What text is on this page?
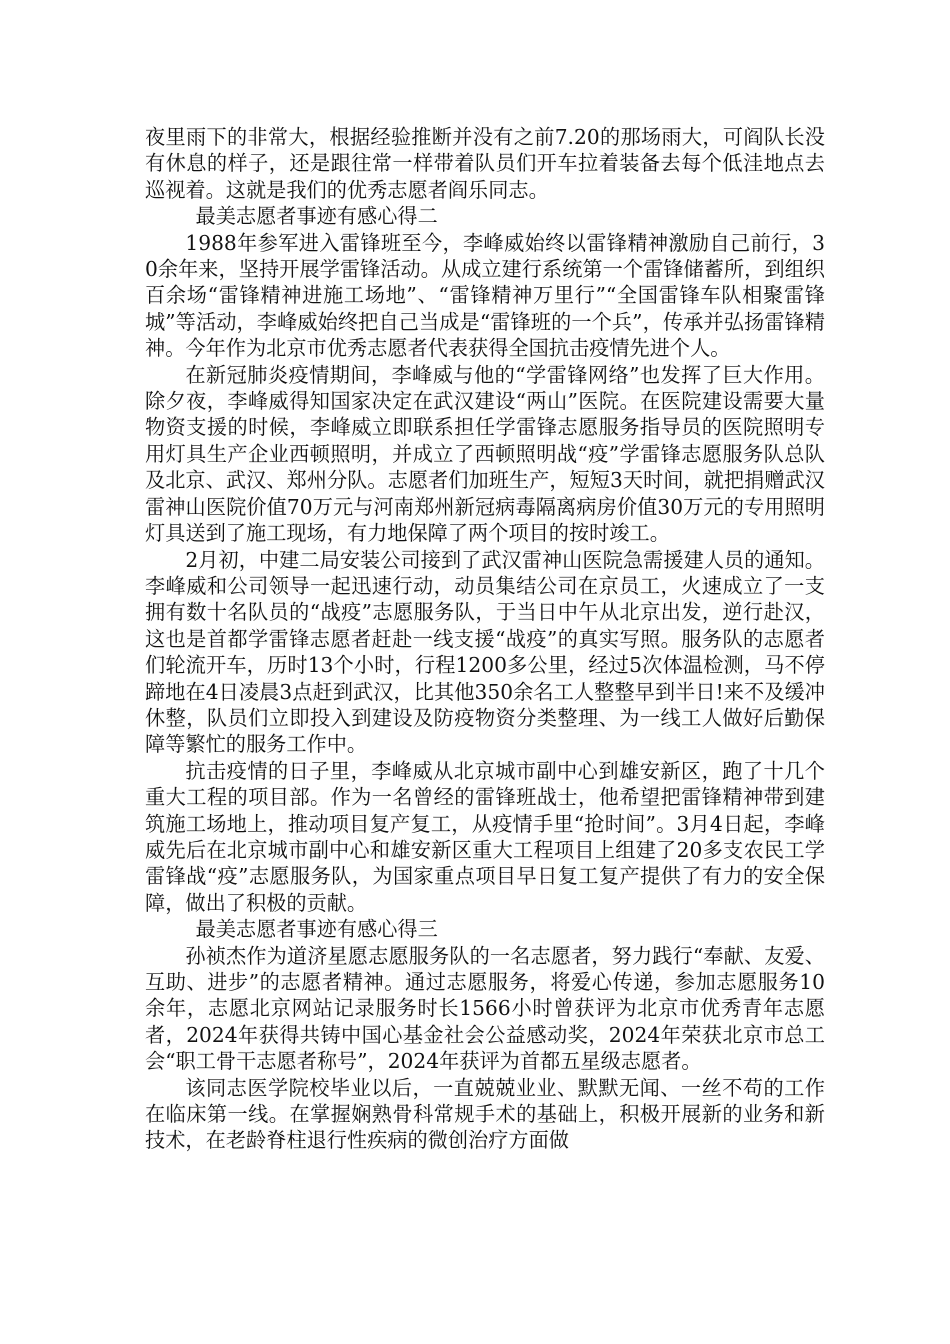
夜里雨下的非常大，根据经验推断并没有之前7.20的那场雨大，可阎队长没有休息的样子，还是跟往常一样带着队员们开车拉着装备去每个低洼地点去巡视着。这就是我们的优秀志愿者阎乐同志。

最美志愿者事迹有感心得二

1988年参军进入雷锋班至今，李峰威始终以雷锋精神激励自己前行，30余年来，坚持开展学雷锋活动。从成立建行系统第一个雷锋储蓄所，到组织百余场“雷锋精神进施工场地”、“雷锋精神万里行”“全国雷锋车队相聚雷锋城”等活动，李峰威始终把自己当成是“雷锋班的一个兵”，传承并弘扬雷锋精神。今年作为北京市优秀志愿者代表获得全国抗击疫情先进个人。

在新冠肺炎疫情期间，李峰威与他的“学雷锋网络”也发挥了巨大作用。除夕夜，李峰威得知国家决定在武汉建设“两山”医院。在医院建设需要大量物资支援的时候，李峰威立即联系担任学雷锋志愿服务指导员的医院照明专用灯具生产企业西顿照明，并成立了西顿照明战“疫”学雷锋志愿服务队总队及北京、武汉、郑州分队。志愿者们加班生产，短短3天时间，就把捐赠武汉雷神山医院价值70万元与河南郑州新冠病毒隔离病房价值30万元的专用照明灯具送到了施工现场，有力地保障了两个项目的按时竣工。

2月初，中建二局安装公司接到了武汉雷神山医院急需援建人员的通知。李峰威和公司领导一起迅速行动，动员集结公司在京员工，火速成立了一支拥有数十名队员的“战疫”志愿服务队，于当日中午从北京出发，逆行赴汉，这也是首都学雷锋志愿者赶赴一线支援“战疫”的真实写照。服务队的志愿者们轮流开车，历时13个小时，行程1200多公里，经过5次体温检测，马不停蹄地在4日凌晨3点赶到武汉，比其他350余名工人整整早到半日!来不及缓冲休整，队员们立即投入到建设及防疫物资分类整理、为一线工人做好后勤保障等繁忙的服务工作中。

抗击疫情的日子里，李峰威从北京城市副中心到雄安新区，跑了十几个重大工程的项目部。作为一名曾经的雷锋班战士，他希望把雷锋精神带到建筑施工场地上，推动项目复产复工，从疫情手里“抢时间”。3月4日起，李峰威先后在北京城市副中心和雄安新区重大工程项目上组建了20多支农民工学雷锋战“疫”志愿服务队，为国家重点项目早日复工复产提供了有力的安全保障，做出了积极的贡献。

最美志愿者事迹有感心得三

孙祯杰作为道济星愿志愿服务队的一名志愿者，努力践行“奉献、友爱、互助、进步”的志愿者精神。通过志愿服务，将爱心传递，参加志愿服务10余年，志愿北京网站记录服务时长1566小时曾获评为北京市优秀青年志愿者，2024年获得共铸中国心基金社会公益感动奖，2024年荣获北京市总工会“职工骨干志愿者称号”，2024年获评为首都五星级志愿者。

该同志医学院校毕业以后，一直兢兢业业、默默无闻、一丝不苟的工作在临床第一线。在掌握娴熟骨科常规手术的基础上，积极开展新的业务和新技术，在老龄脊柱退行性疾病的微创治疗方面做
